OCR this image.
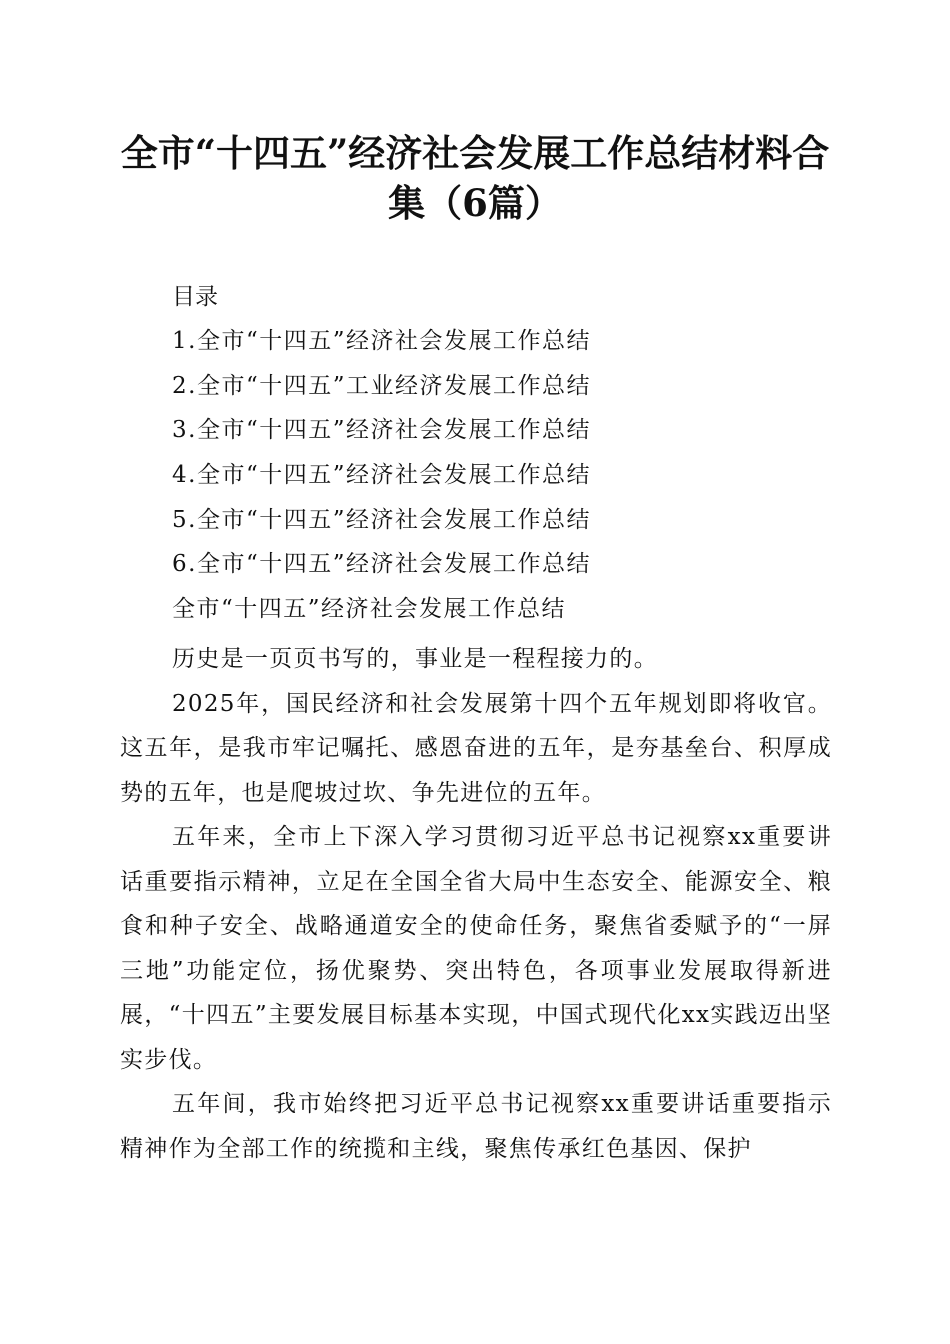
全市“十四五”经济社会发展工作总结材料合
集（6篇）
目录
1.全市“十四五”经济社会发展工作总结
2.全市“十四五”工业经济发展工作总结
3.全市“十四五”经济社会发展工作总结
4.全市“十四五”经济社会发展工作总结
5.全市“十四五”经济社会发展工作总结
6.全市“十四五”经济社会发展工作总结
全市“十四五”经济社会发展工作总结

历史是一页页书写的，事业是一程程接力的。

2025年，国民经济和社会发展第十四个五年规划即将收官。这五年，是我市牢记嘱托、感恩奋进的五年，是夯基垒台、积厚成势的五年，也是爬坡过坎、争先进位的五年。

五年来，全市上下深入学习贯彻习近平总书记视察xx重要讲话重要指示精神，立足在全国全省大局中生态安全、能源安全、粮食和种子安全、战略通道安全的使命任务，聚焦省委赋予的“一屏三地”功能定位，扬优聚势、突出特色，各项事业发展取得新进展，“十四五”主要发展目标基本实现，中国式现代化xx实践迈出坚实步伐。

五年间，我市始终把习近平总书记视察xx重要讲话重要指示精神作为全部工作的统揽和主线，聚焦传承红色基因、保护
